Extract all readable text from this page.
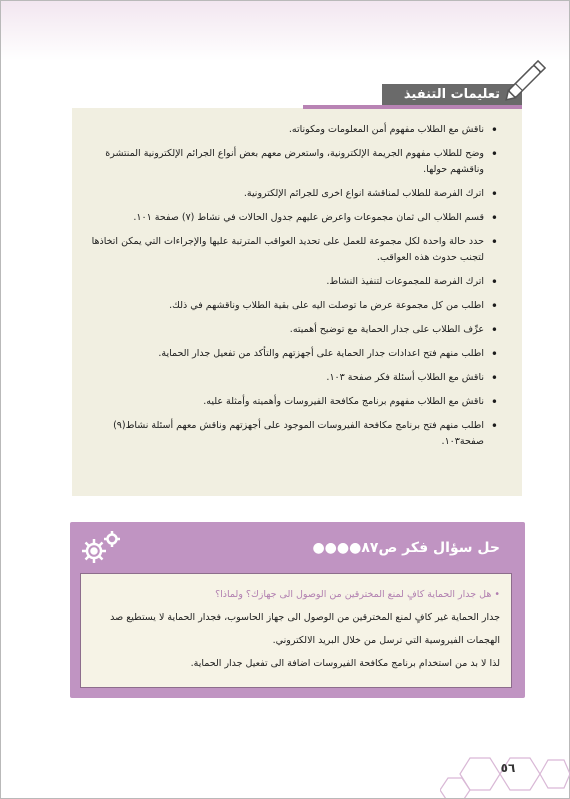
تعليمات التنفيذ
• ناقش مع الطلاب مفهوم أمن المعلومات ومكوناته.
• وضح للطلاب مفهوم الجريمة الإلكترونية، واستعرض معهم بعض أنواع الجرائم الإلكترونية المنتشرة وناقشهم حولها.
• اترك الفرصة للطلاب لمناقشة انواع اخرى للجرائم الإلكترونية.
• قسم الطلاب الى ثمان مجموعات واعرض عليهم جدول الحالات في نشاط (٧) صفحة ١٠١.
• حدد حالة واحدة لكل مجموعة للعمل على تحديد العواقب المترتبة عليها والإجراءات التي يمكن اتخاذها لتجنب حدوث هذه العواقب.
• اترك الفرصة للمجموعات لتنفيذ النشاط.
• اطلب من كل مجموعة عرض ما توصلت اليه على بقية الطلاب وناقشهم في ذلك.
• عرِّف الطلاب على جدار الحماية مع توضيح أهميته.
• اطلب منهم فتح اعدادات جدار الحماية على أجهزتهم والتأكد من تفعيل جدار الحماية.
• ناقش مع الطلاب أسئلة فكر صفحة ١٠٣.
• ناقش مع الطلاب مفهوم برنامج مكافحة الفيروسات وأهميته وأمثلة عليه.
• اطلب منهم فتح برنامج مكافحة الفيروسات الموجود على أجهزتهم وناقش معهم أسئلة نشاط(٩) صفحة١٠٣.
حل سؤال فكر ص٨٧●●●●
• هل جدار الحماية كافٍ لمنع المخترقين من الوصول الى جهازك؟ ولماذا؟
جدار الحماية غير كافٍ لمنع المخترقين من الوصول الى جهاز الحاسوب، فجدار الحماية لا يستطيع صد الهجمات الفيروسية التي ترسل من خلال البريد الالكتروني.
لذا لا بد من استخدام برنامج مكافحة الفيروسات اضافة الى تفعيل جدار الحماية.
٥٦
